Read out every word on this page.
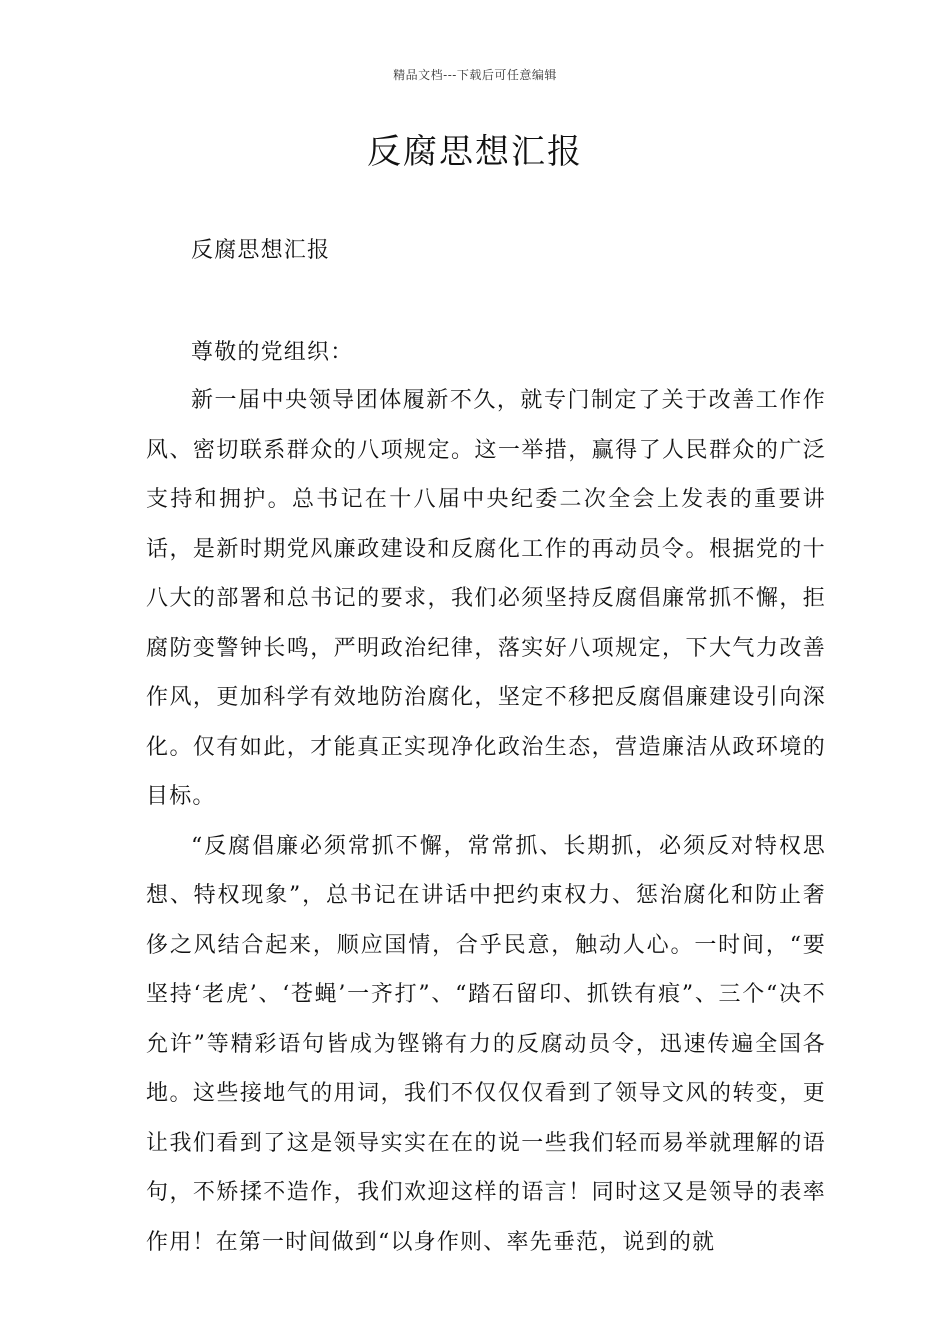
精品文档---下载后可任意编辑
反腐思想汇报
反腐思想汇报
尊敬的党组织：

新一届中央领导团体履新不久，就专门制定了关于改善工作作风、密切联系群众的八项规定。这一举措，赢得了人民群众的广泛支持和拥护。总书记在十八届中央纪委二次全会上发表的重要讲话，是新时期党风廉政建设和反腐化工作的再动员令。根据党的十八大的部署和总书记的要求，我们必须坚持反腐倡廉常抓不懈，拒腐防变警钟长鸣，严明政治纪律，落实好八项规定，下大气力改善作风，更加科学有效地防治腐化，坚定不移把反腐倡廉建设引向深化。仅有如此，才能真正实现净化政治生态，营造廉洁从政环境的目标。

“反腐倡廉必须常抓不懈，常常抓、长期抓，必须反对特权思想、特权现象”，总书记在讲话中把约束权力、惩治腐化和防止奢侈之风结合起来，顺应国情，合乎民意，触动人心。一时间，“要坚持‘老虎’、‘苍蝇’一齐打”、“踏石留印、抓铁有痕”、三个“决不允许”等精彩语句皆成为铿锵有力的反腐动员令，迅速传遍全国各地。这些接地气的用词，我们不仅仅仅看到了领导文风的转变，更让我们看到了这是领导实实在在的说一些我们轻而易举就理解的语句，不矫揉不造作，我们欢迎这样的语言！同时这又是领导的表率作用！在第一时间做到“以身作则、率先垂范，说到的就
